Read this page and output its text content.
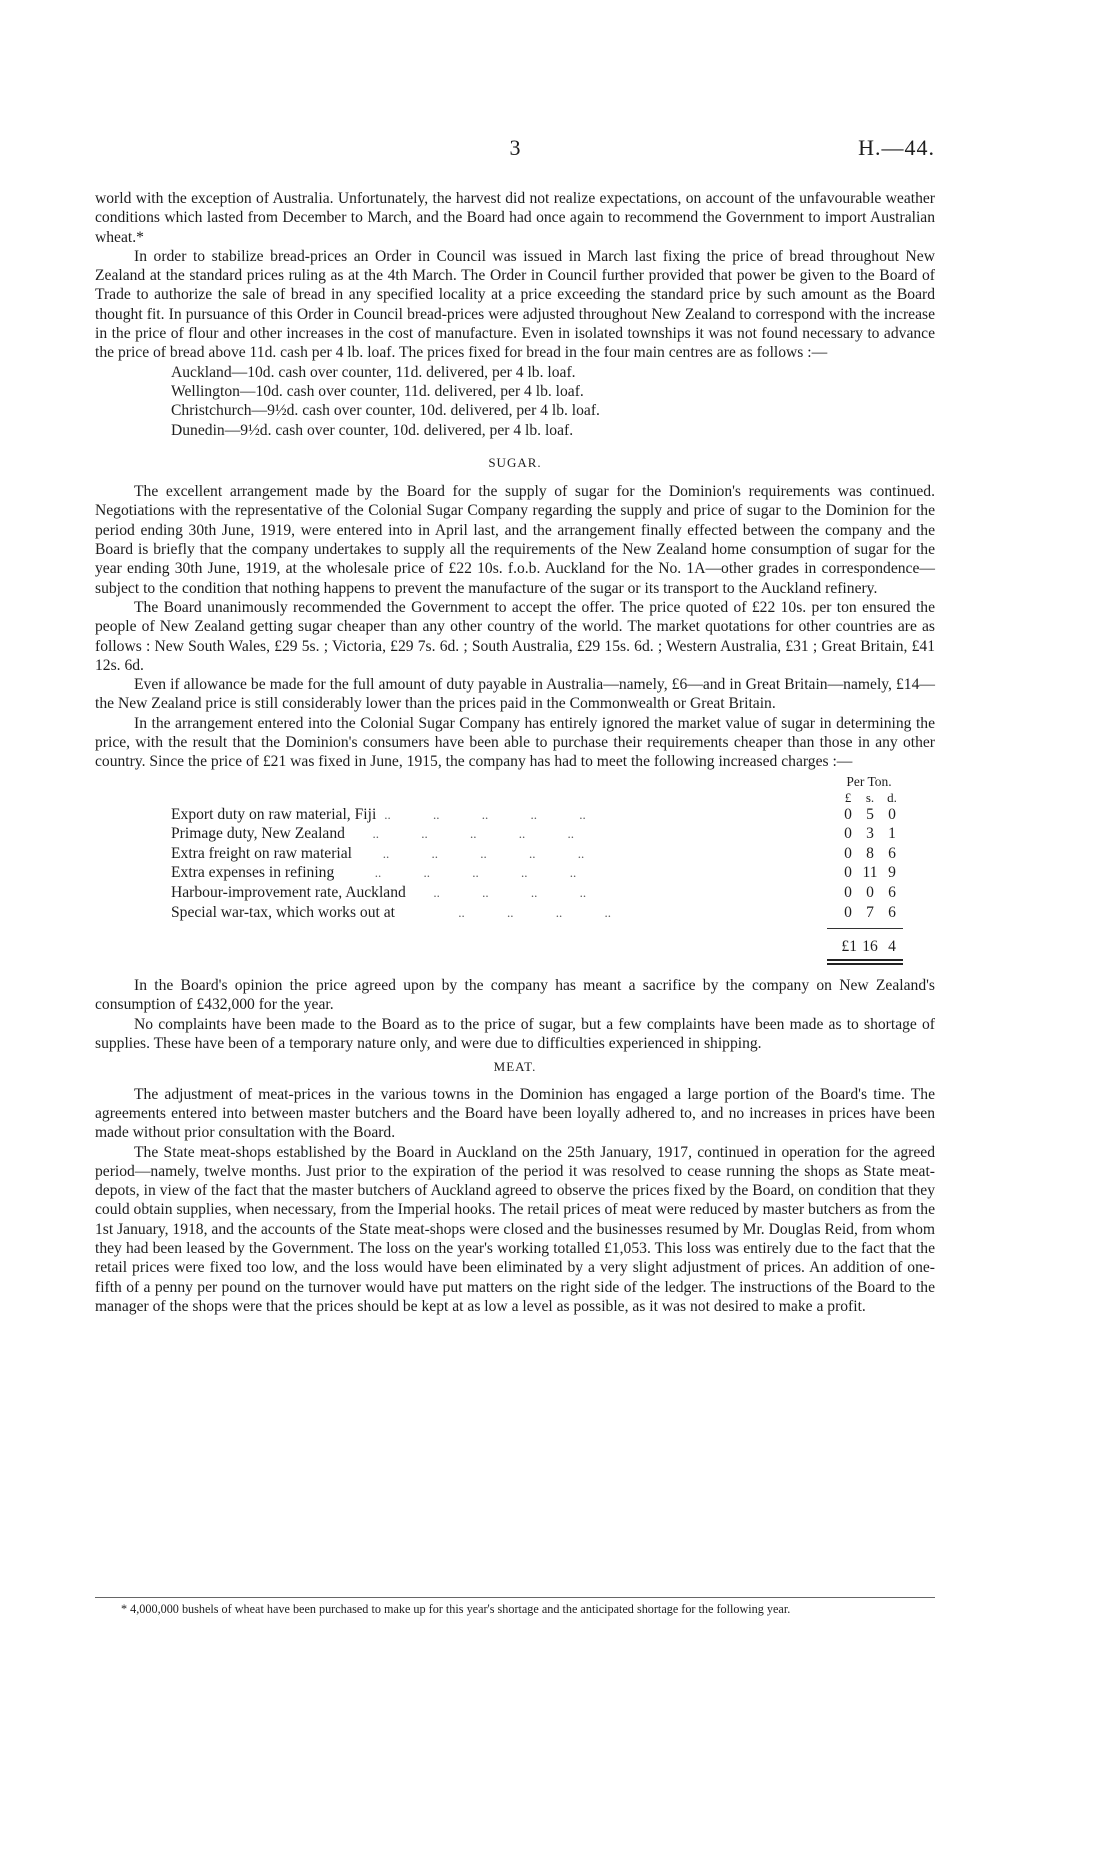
3	H.—44.

world with the exception of Australia. Unfortunately, the harvest did not realize expectations, on account of the unfavourable weather conditions which lasted from December to March, and the Board had once again to recommend the Government to import Australian wheat.*

In order to stabilize bread-prices an Order in Council was issued in March last fixing the price of bread throughout New Zealand at the standard prices ruling as at the 4th March. The Order in Council further provided that power be given to the Board of Trade to authorize the sale of bread in any specified locality at a price exceeding the standard price by such amount as the Board thought fit. In pursuance of this Order in Council bread-prices were adjusted throughout New Zealand to correspond with the increase in the price of flour and other increases in the cost of manufacture. Even in isolated townships it was not found necessary to advance the price of bread above 11d. cash per 4 lb. loaf. The prices fixed for bread in the four main centres are as follows :—

Auckland—10d. cash over counter, 11d. delivered, per 4 lb. loaf.
Wellington—10d. cash over counter, 11d. delivered, per 4 lb. loaf.
Christchurch—9½d. cash over counter, 10d. delivered, per 4 lb. loaf.
Dunedin—9½d. cash over counter, 10d. delivered, per 4 lb. loaf.
SUGAR.

The excellent arrangement made by the Board for the supply of sugar for the Dominion's requirements was continued. Negotiations with the representative of the Colonial Sugar Company regarding the supply and price of sugar to the Dominion for the period ending 30th June, 1919, were entered into in April last, and the arrangement finally effected between the company and the Board is briefly that the company undertakes to supply all the requirements of the New Zealand home consumption of sugar for the year ending 30th June, 1919, at the wholesale price of £22 10s. f.o.b. Auckland for the No. 1A—other grades in correspondence—subject to the condition that nothing happens to prevent the manufacture of the sugar or its transport to the Auckland refinery.

The Board unanimously recommended the Government to accept the offer. The price quoted of £22 10s. per ton ensured the people of New Zealand getting sugar cheaper than any other country of the world. The market quotations for other countries are as follows : New South Wales, £29 5s. ; Victoria, £29 7s. 6d. ; South Australia, £29 15s. 6d. ; Western Australia, £31 ; Great Britain, £41 12s. 6d.

Even if allowance be made for the full amount of duty payable in Australia—namely, £6—and in Great Britain—namely, £14—the New Zealand price is still considerably lower than the prices paid in the Commonwealth or Great Britain.

In the arrangement entered into the Colonial Sugar Company has entirely ignored the market value of sugar in determining the price, with the result that the Dominion's consumers have been able to purchase their requirements cheaper than those in any other country. Since the price of £21 was fixed in June, 1915, the company has had to meet the following increased charges :—

Per Ton.
£	s. d.
Export duty on raw material, Fiji ..             ..             ..             ..             ..	0 5 0
Primage duty, New Zealand ..             ..             ..             ..             ..	0 3 1
Extra freight on raw material ..             ..             ..             ..             ..	0 8 6
Extra expenses in refining ..             ..             ..             ..             ..	0 11 9
Harbour-improvement rate, Auckland ..             ..             ..             ..	0 0 6
Special war-tax, which works out at ..             ..             ..             ..	0 7 6
£1 16 4

In the Board's opinion the price agreed upon by the company has meant a sacrifice by the company on New Zealand's consumption of £432,000 for the year.

No complaints have been made to the Board as to the price of sugar, but a few complaints have been made as to shortage of supplies. These have been of a temporary nature only, and were due to difficulties experienced in shipping.

MEAT.

The adjustment of meat-prices in the various towns in the Dominion has engaged a large portion of the Board's time. The agreements entered into between master butchers and the Board have been loyally adhered to, and no increases in prices have been made without prior consultation with the Board.

The State meat-shops established by the Board in Auckland on the 25th January, 1917, continued in operation for the agreed period—namely, twelve months. Just prior to the expiration of the period it was resolved to cease running the shops as State meat-depots, in view of the fact that the master butchers of Auckland agreed to observe the prices fixed by the Board, on condition that they could obtain supplies, when necessary, from the Imperial hooks. The retail prices of meat were reduced by master butchers as from the 1st January, 1918, and the accounts of the State meat-shops were closed and the businesses resumed by Mr. Douglas Reid, from whom they had been leased by the Government. The loss on the year's working totalled £1,053. This loss was entirely due to the fact that the retail prices were fixed too low, and the loss would have been eliminated by a very slight adjustment of prices. An addition of one-fifth of a penny per pound on the turnover would have put matters on the right side of the ledger. The instructions of the Board to the manager of the shops were that the prices should be kept at as low a level as possible, as it was not desired to make a profit.

* 4,000,000 bushels of wheat have been purchased to make up for this year's shortage and the anticipated shortage for the following year.
